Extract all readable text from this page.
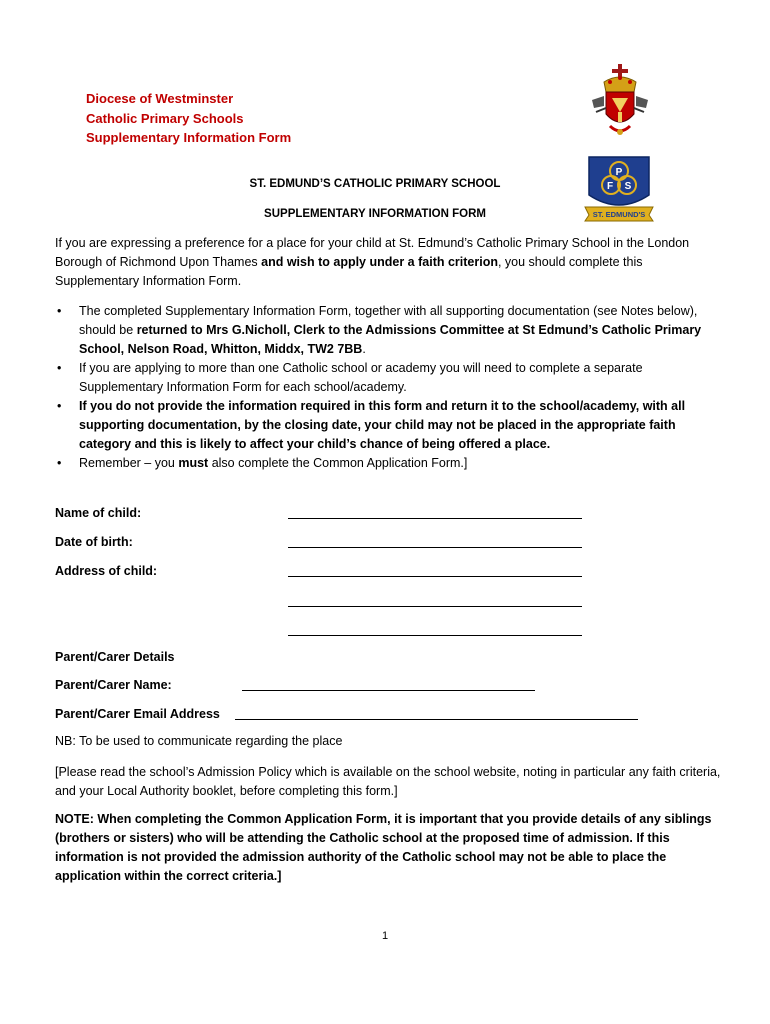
Diocese of Westminster
Catholic Primary Schools
Supplementary Information Form
P
F S
ST. EDMUND'S
ST. EDMUND’S CATHOLIC PRIMARY SCHOOL
SUPPLEMENTARY INFORMATION FORM

If you are expressing a preference for a place for your child at St. Edmund’s Catholic Primary School in the London Borough of Richmond Upon Thames and wish to apply under a faith criterion, you should complete this Supplementary Information Form.

• The completed Supplementary Information Form, together with all supporting documentation (see Notes below), should be returned to Mrs G.Nicholl, Clerk to the Admissions Committee at St Edmund’s Catholic Primary School, Nelson Road, Whitton, Middx, TW2 7BB.
• If you are applying to more than one Catholic school or academy you will need to complete a separate Supplementary Information Form for each school/academy.
• If you do not provide the information required in this form and return it to the school/academy, with all supporting documentation, by the closing date, your child may not be placed in the appropriate faith category and this is likely to affect your child’s chance of being offered a place.
• Remember – you must also complete the Common Application Form.]
Name of child:
Date of birth:
Address of child:
Parent/Carer Details
Parent/Carer Name:
Parent/Carer Email Address
NB: To be used to communicate regarding the place

[Please read the school’s Admission Policy which is available on the school website, noting in particular any faith criteria, and your Local Authority booklet, before completing this form.]

NOTE: When completing the Common Application Form, it is important that you provide details of any siblings (brothers or sisters) who will be attending the Catholic school at the proposed time of admission. If this information is not provided the admission authority of the Catholic school may not be able to place the application within the correct criteria.]

1
